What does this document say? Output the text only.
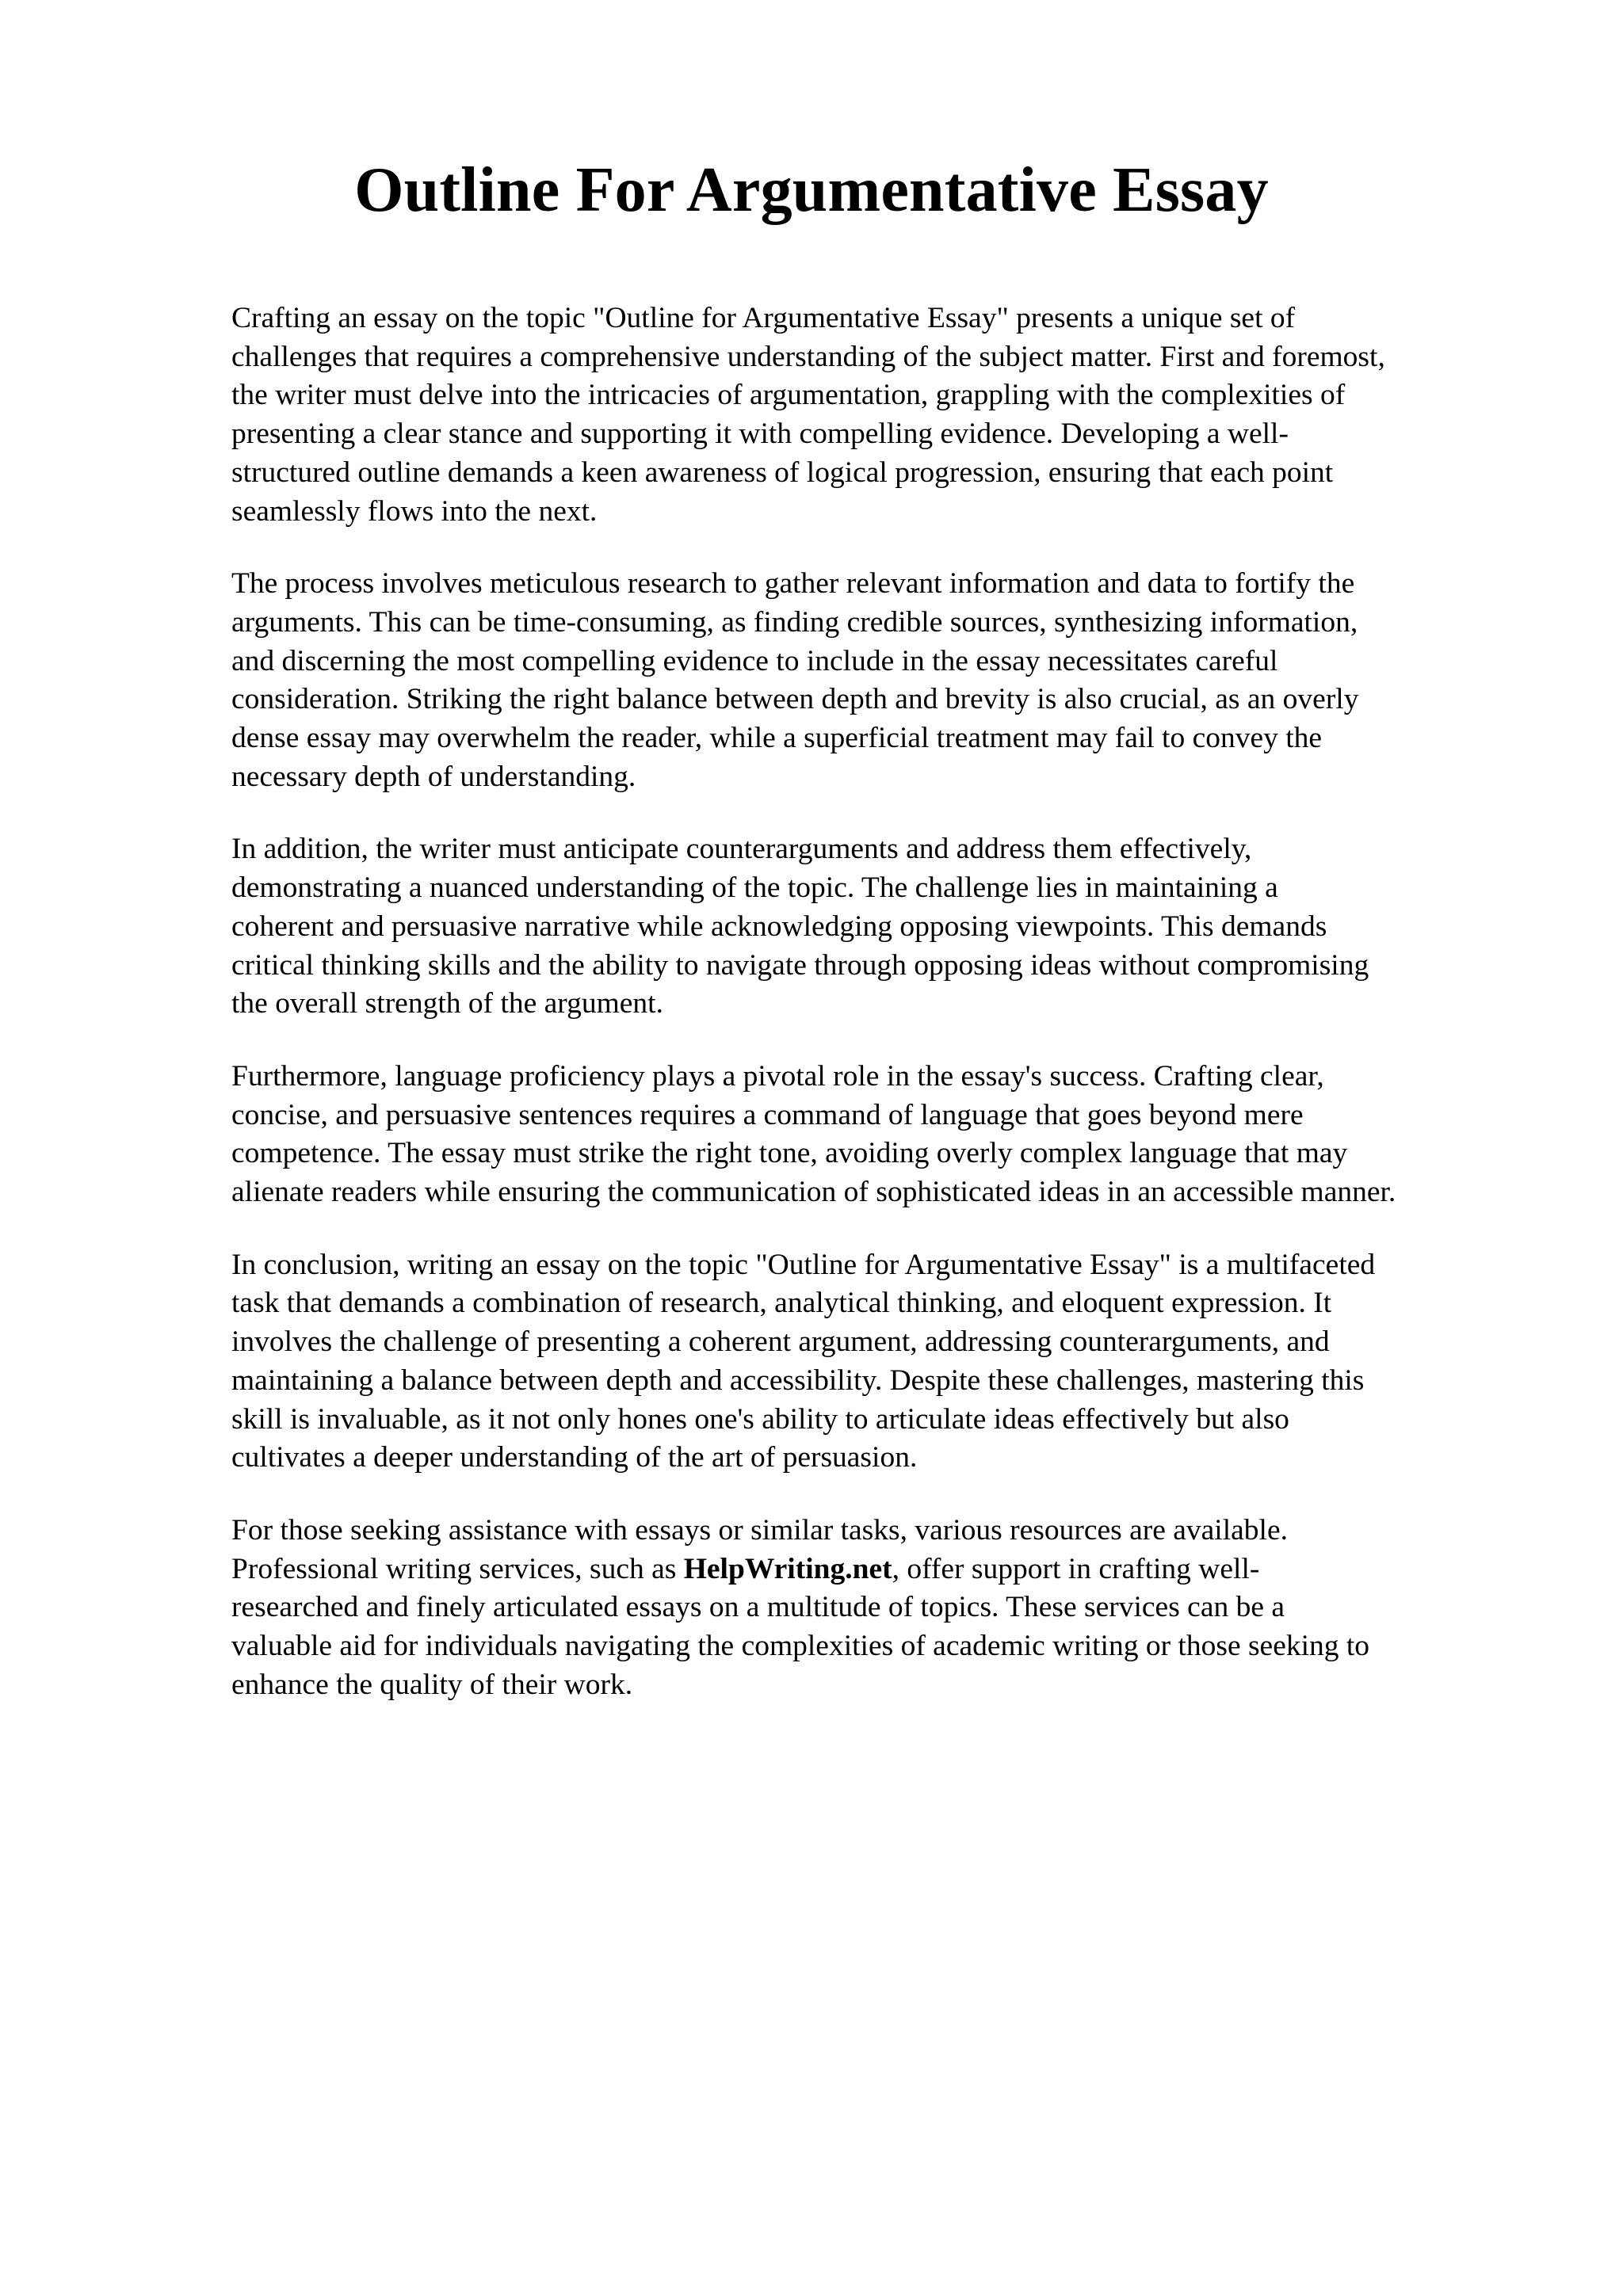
Outline For Argumentative Essay

Crafting an essay on the topic "Outline for Argumentative Essay" presents a unique set of
challenges that requires a comprehensive understanding of the subject matter. First and foremost,
the writer must delve into the intricacies of argumentation, grappling with the complexities of
presenting a clear stance and supporting it with compelling evidence. Developing a well-
structured outline demands a keen awareness of logical progression, ensuring that each point
seamlessly flows into the next.

The process involves meticulous research to gather relevant information and data to fortify the
arguments. This can be time-consuming, as finding credible sources, synthesizing information,
and discerning the most compelling evidence to include in the essay necessitates careful
consideration. Striking the right balance between depth and brevity is also crucial, as an overly
dense essay may overwhelm the reader, while a superficial treatment may fail to convey the
necessary depth of understanding.

In addition, the writer must anticipate counterarguments and address them effectively,
demonstrating a nuanced understanding of the topic. The challenge lies in maintaining a
coherent and persuasive narrative while acknowledging opposing viewpoints. This demands
critical thinking skills and the ability to navigate through opposing ideas without compromising
the overall strength of the argument.

Furthermore, language proficiency plays a pivotal role in the essay's success. Crafting clear,
concise, and persuasive sentences requires a command of language that goes beyond mere
competence. The essay must strike the right tone, avoiding overly complex language that may
alienate readers while ensuring the communication of sophisticated ideas in an accessible manner.

In conclusion, writing an essay on the topic "Outline for Argumentative Essay" is a multifaceted
task that demands a combination of research, analytical thinking, and eloquent expression. It
involves the challenge of presenting a coherent argument, addressing counterarguments, and
maintaining a balance between depth and accessibility. Despite these challenges, mastering this
skill is invaluable, as it not only hones one's ability to articulate ideas effectively but also
cultivates a deeper understanding of the art of persuasion.

For those seeking assistance with essays or similar tasks, various resources are available.
Professional writing services, such as HelpWriting.net, offer support in crafting well-
researched and finely articulated essays on a multitude of topics. These services can be a
valuable aid for individuals navigating the complexities of academic writing or those seeking to
enhance the quality of their work.
